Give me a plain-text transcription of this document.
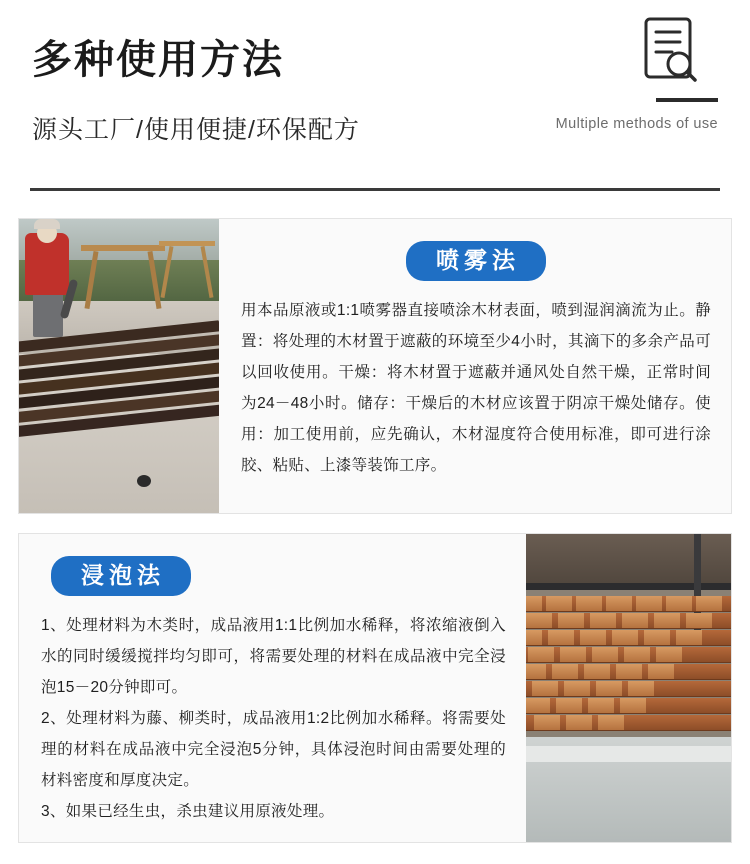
多种使用方法
源头工厂/使用便捷/环保配方	Multiple methods of use
喷雾法

用本品原液或1:1喷雾器直接喷涂木材表面，喷到湿润滴流为止。静置：将处理的木材置于遮蔽的环境至少4小时，其滴下的多余产品可以回收使用。干燥：将木材置于遮蔽并通风处自然干燥，正常时间为24－48小时。储存：干燥后的木材应该置于阴凉干燥处储存。使用：加工使用前，应先确认，木材湿度符合使用标准，即可进行涂胶、粘贴、上漆等装饰工序。

浸泡法

1、处理材料为木类时，成品液用1:1比例加水稀释，将浓缩液倒入水的同时缓缓搅拌均匀即可，将需要处理的材料在成品液中完全浸泡15－20分钟即可。

2、处理材料为藤、柳类时，成品液用1:2比例加水稀释。将需要处理的材料在成品液中完全浸泡5分钟，具体浸泡时间由需要处理的材料密度和厚度决定。

3、如果已经生虫，杀虫建议用原液处理。
